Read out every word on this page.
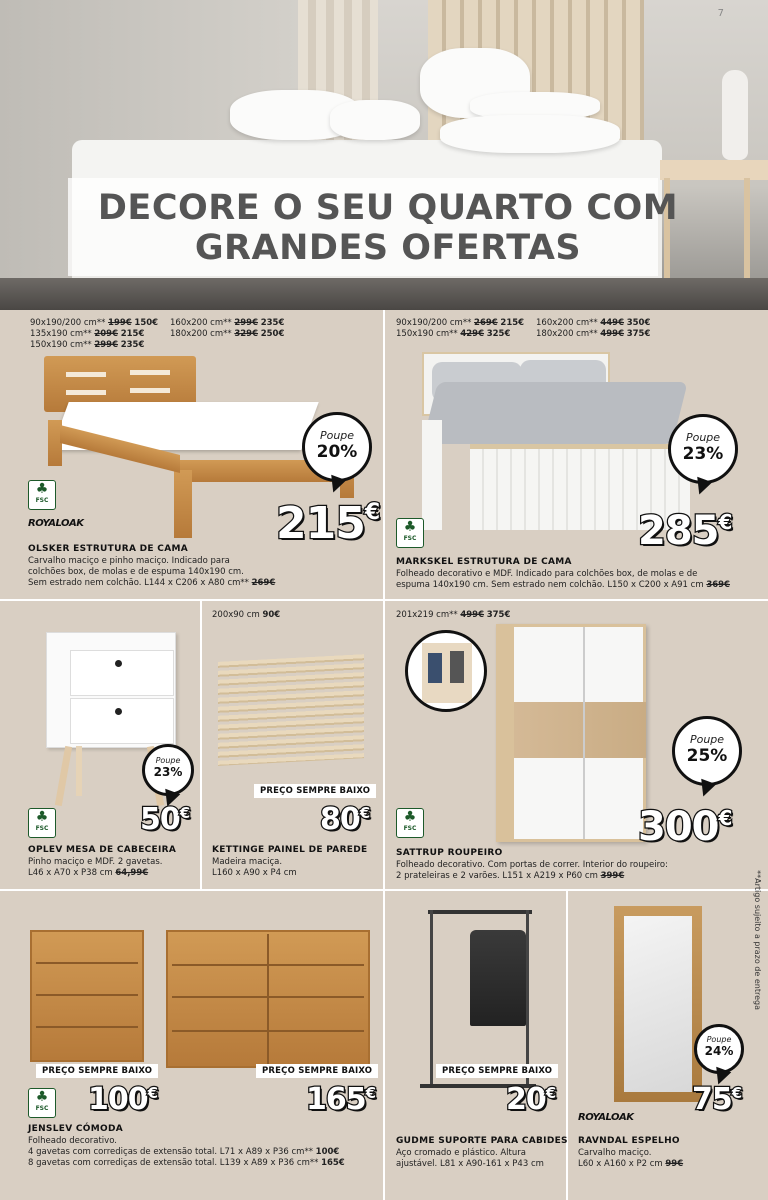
DECORE O SEU QUARTO COM GRANDES OFERTAS
7
90x190/200 cm** 199€ 150€
135x190 cm** 209€ 215€
150x190 cm** 299€ 235€
160x200 cm** 299€ 235€
180x200 cm** 329€ 250€
Poupe
20%
♣
FSC
ROYALOAK	215€
OLSKER ESTRUTURA DE CAMA
Carvalho maciço e pinho maciço. Indicado para
colchões box, de molas e de espuma 140x190 cm.
Sem estrado nem colchão. L144 x C206 x A80 cm** 269€
90x190/200 cm** 269€ 215€
150x190 cm** 429€ 325€
160x200 cm** 449€ 350€
180x200 cm** 499€ 375€
Poupe
23%
♣
FSC	285€
MARKSKEL ESTRUTURA DE CAMA
Folheado decorativo e MDF. Indicado para colchões box, de molas e de
espuma 140x190 cm. Sem estrado nem colchão. L150 x C200 x A91 cm 369€
Poupe
23%
♣
FSC	50€
OPLEV MESA DE CABECEIRA
Pinho maciço e MDF. 2 gavetas.
L46 x A70 x P38 cm 64,99€
200x90 cm 90€
PREÇO SEMPRE BAIXO
80€
KETTINGE PAINEL DE PAREDE
Madeira maciça.
L160 x A90 x P4 cm
201x219 cm** 499€ 375€
Poupe
25%
♣
FSC	300€
SATTRUP ROUPEIRO
Folheado decorativo. Com portas de correr. Interior do roupeiro:
2 prateleiras e 2 varões. L151 x A219 x P60 cm 399€
PREÇO SEMPRE BAIXO	PREÇO SEMPRE BAIXO
♣
FSC 100€	165€
JENSLEV CÓMODA
Folheado decorativo.
4 gavetas com corrediças de extensão total. L71 x A89 x P36 cm** 100€
8 gavetas com corrediças de extensão total. L139 x A89 x P36 cm** 165€
PREÇO SEMPRE BAIXO
20€
GUDME SUPORTE PARA CABIDES
Aço cromado e plástico. Altura
ajustável. L81 x A90-161 x P43 cm
Poupe
24%
75€
ROYALOAK
RAVNDAL ESPELHO
Carvalho maciço.
L60 x A160 x P2 cm 99€
**Artigo sujeito a prazo de entrega
